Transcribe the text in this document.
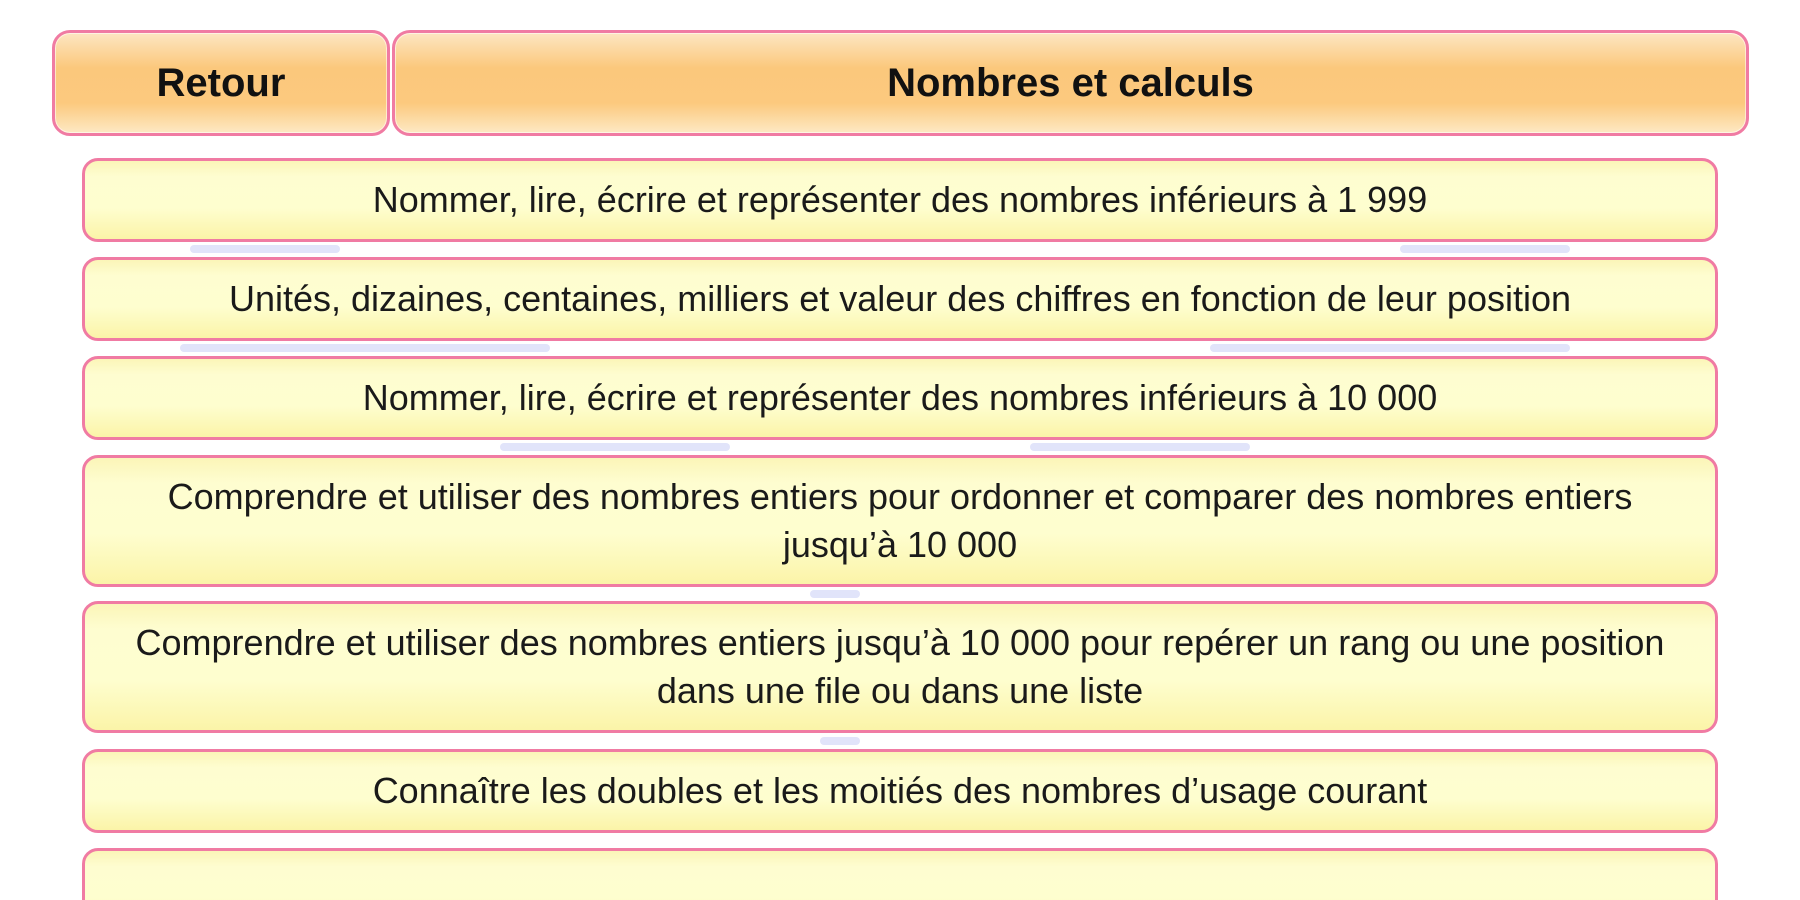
Retour	Nombres et calculs
Nommer, lire, écrire et représenter des nombres inférieurs à 1 999
Unités, dizaines, centaines, milliers et valeur des chiffres en fonction de leur position
Nommer, lire, écrire et représenter des nombres inférieurs à 10 000
Comprendre et utiliser des nombres entiers pour ordonner et comparer des nombres entiers jusqu’à 10 000
Comprendre et utiliser des nombres entiers jusqu’à 10 000 pour repérer un rang ou une position dans une file ou dans une liste
Connaître les doubles et les moitiés des nombres d’usage courant
